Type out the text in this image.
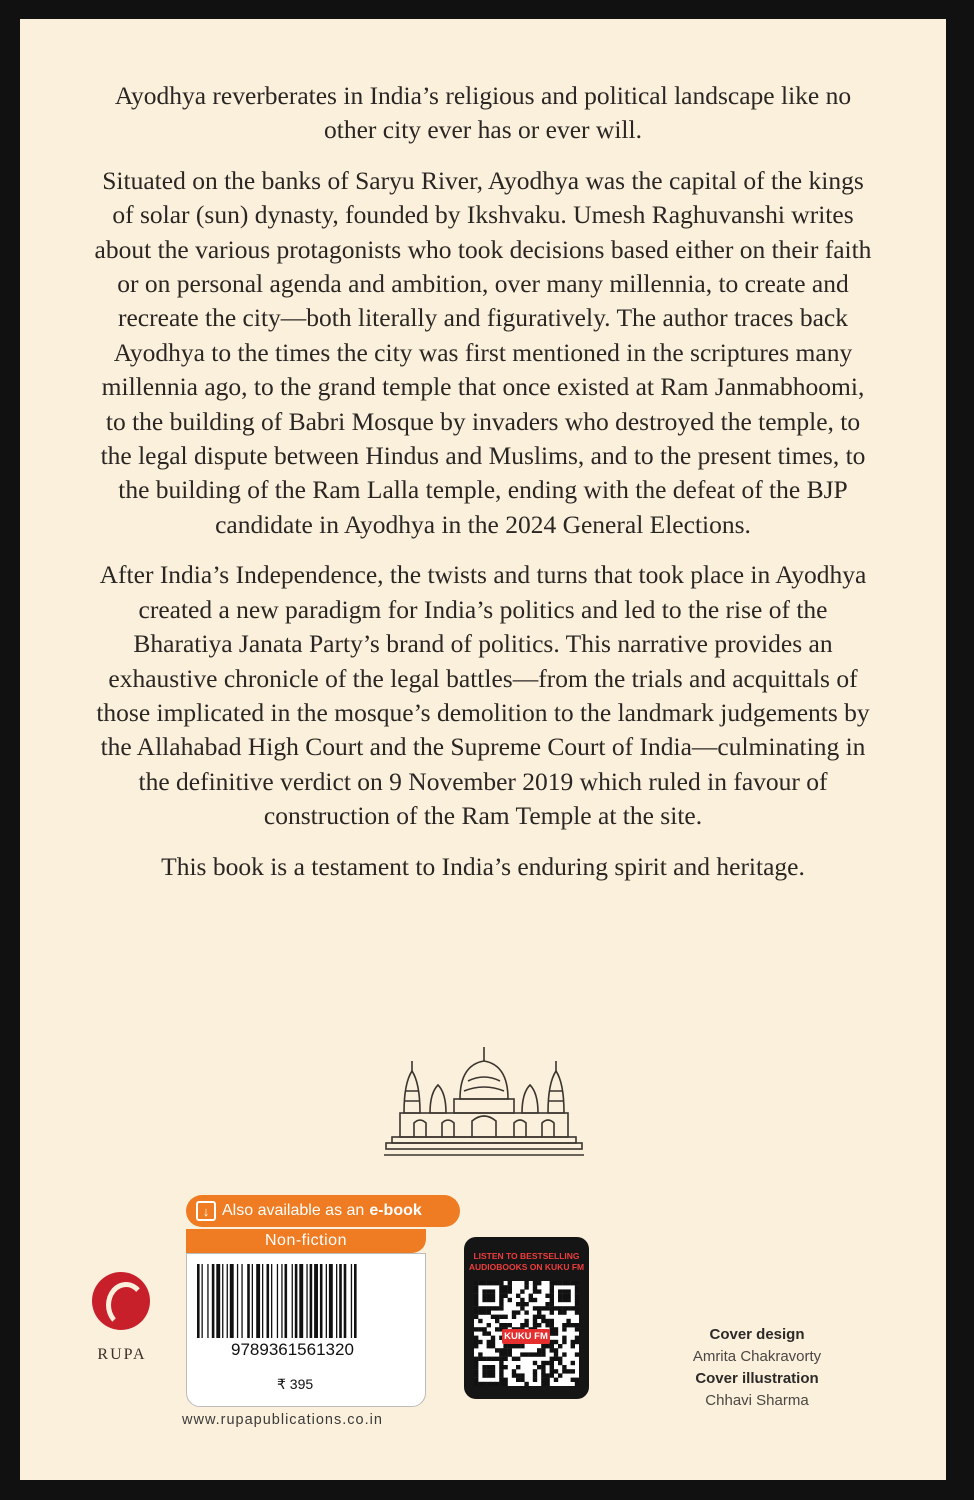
Ayodhya reverberates in India’s religious and political landscape like no other city ever has or ever will.

Situated on the banks of Saryu River, Ayodhya was the capital of the kings of solar (sun) dynasty, founded by Ikshvaku. Umesh Raghuvanshi writes about the various protagonists who took decisions based either on their faith or on personal agenda and ambition, over many millennia, to create and recreate the city—both literally and figuratively. The author traces back Ayodhya to the times the city was first mentioned in the scriptures many millennia ago, to the grand temple that once existed at Ram Janmabhoomi, to the building of Babri Mosque by invaders who destroyed the temple, to the legal dispute between Hindus and Muslims, and to the present times, to the building of the Ram Lalla temple, ending with the defeat of the BJP candidate in Ayodhya in the 2024 General Elections.

After India’s Independence, the twists and turns that took place in Ayodhya created a new paradigm for India’s politics and led to the rise of the Bharatiya Janata Party’s brand of politics. This narrative provides an exhaustive chronicle of the legal battles—from the trials and acquittals of those implicated in the mosque’s demolition to the landmark judgements by the Allahabad High Court and the Supreme Court of India—culminating in the definitive verdict on 9 November 2019 which ruled in favour of construction of the Ram Temple at the site.

This book is a testament to India’s enduring spirit and heritage.

RUPA
↓ Also available as an e-book
Non-fiction
9789361561320
₹ 395
www.rupapublications.co.in
LISTEN TO BESTSELLING AUDIOBOOKS ON KUKU FM
KUKU FM	Cover design
Amrita Chakravorty
Cover illustration
Chhavi Sharma
